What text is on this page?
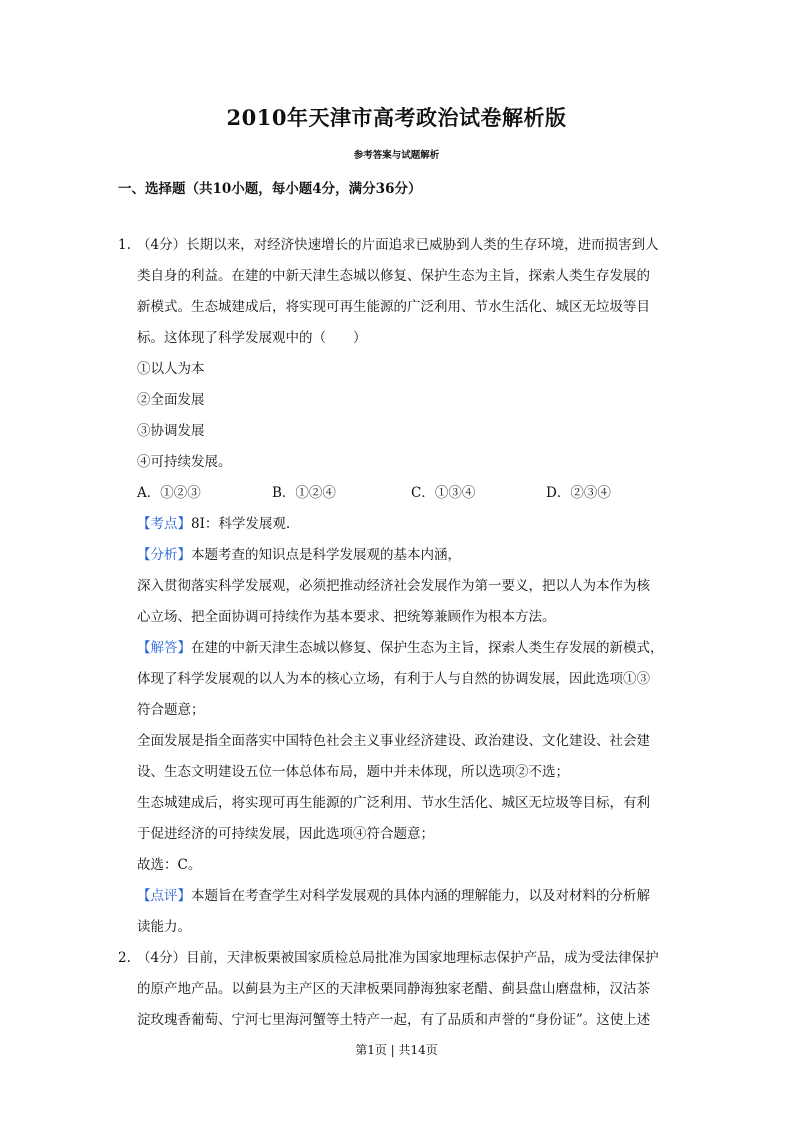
2010年天津市高考政治试卷解析版
参考答案与试题解析
一、选择题（共10小题，每小题4分，满分36分）
1. （4分）长期以来，对经济快速增长的片面追求已威胁到人类的生存环境，进而损害到人
类自身的利益。在建的中新天津生态城以修复、保护生态为主旨，探索人类生存发展的
新模式。生态城建成后，将实现可再生能源的广泛利用、节水生活化、城区无垃圾等目
标。这体现了科学发展观中的（　　）
①以人为本
②全面发展
③协调发展
④可持续发展。
A．①②③	B．①②④	C．①③④	D．②③④
【考点】8I：科学发展观.
【分析】本题考查的知识点是科学发展观的基本内涵，
深入贯彻落实科学发展观，必须把推动经济社会发展作为第一要义，把以人为本作为核
心立场、把全面协调可持续作为基本要求、把统筹兼顾作为根本方法。
【解答】在建的中新天津生态城以修复、保护生态为主旨，探索人类生存发展的新模式，
体现了科学发展观的以人为本的核心立场，有利于人与自然的协调发展，因此选项①③
符合题意；
全面发展是指全面落实中国特色社会主义事业经济建设、政治建设、文化建设、社会建
设、生态文明建设五位一体总体布局，题中并未体现，所以选项②不选；
生态城建成后，将实现可再生能源的广泛利用、节水生活化、城区无垃圾等目标，有利
于促进经济的可持续发展，因此选项④符合题意；
故选：C。
【点评】本题旨在考查学生对科学发展观的具体内涵的理解能力，以及对材料的分析解
读能力。
2. （4分）目前，天津板栗被国家质检总局批准为国家地理标志保护产品，成为受法律保护
的原产地产品。以蓟县为主产区的天津板栗同静海独家老醋、蓟县盘山磨盘柿，汉沽茶
淀玫瑰香葡萄、宁河七里海河蟹等土特产一起，有了品质和声誉的“身份证”。这使上述
第1页 | 共14页
